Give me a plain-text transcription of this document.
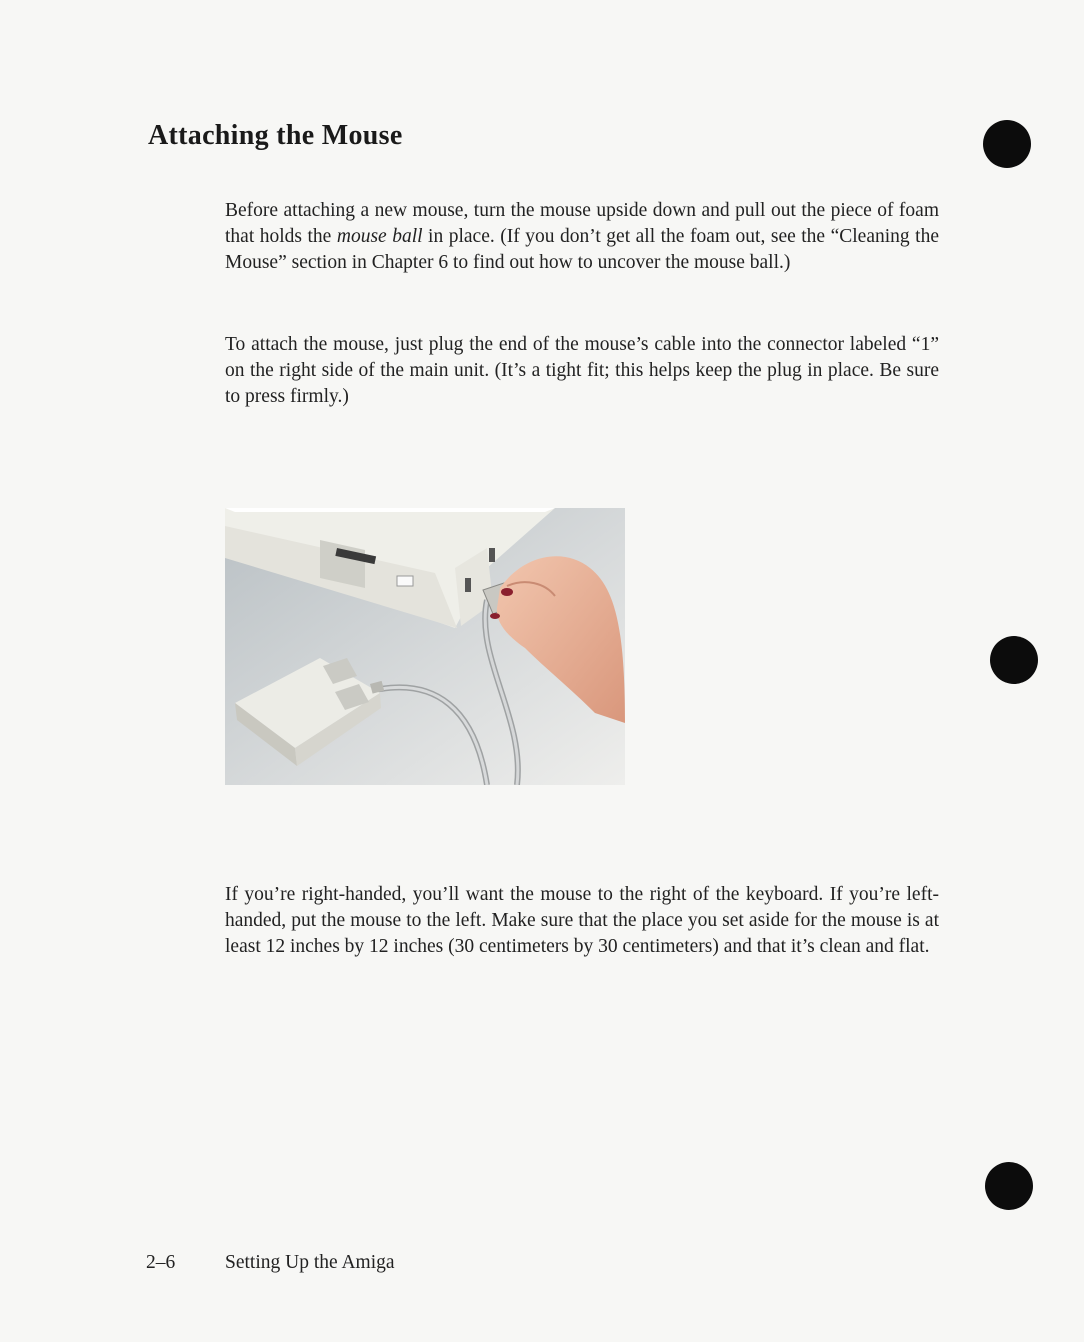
Attaching the Mouse

Before attaching a new mouse, turn the mouse upside down and pull out the piece of foam that holds the mouse ball in place. (If you don’t get all the foam out, see the “Cleaning the Mouse” section in Chapter 6 to find out how to uncover the mouse ball.)

To attach the mouse, just plug the end of the mouse’s cable into the connector labeled “1” on the right side of the main unit. (It’s a tight fit; this helps keep the plug in place. Be sure to press firmly.)

If you’re right-handed, you’ll want the mouse to the right of the keyboard. If you’re left-handed, put the mouse to the left. Make sure that the place you set aside for the mouse is at least 12 inches by 12 inches (30 centimeters by 30 centimeters) and that it’s clean and flat.

2–6	Setting Up the Amiga
